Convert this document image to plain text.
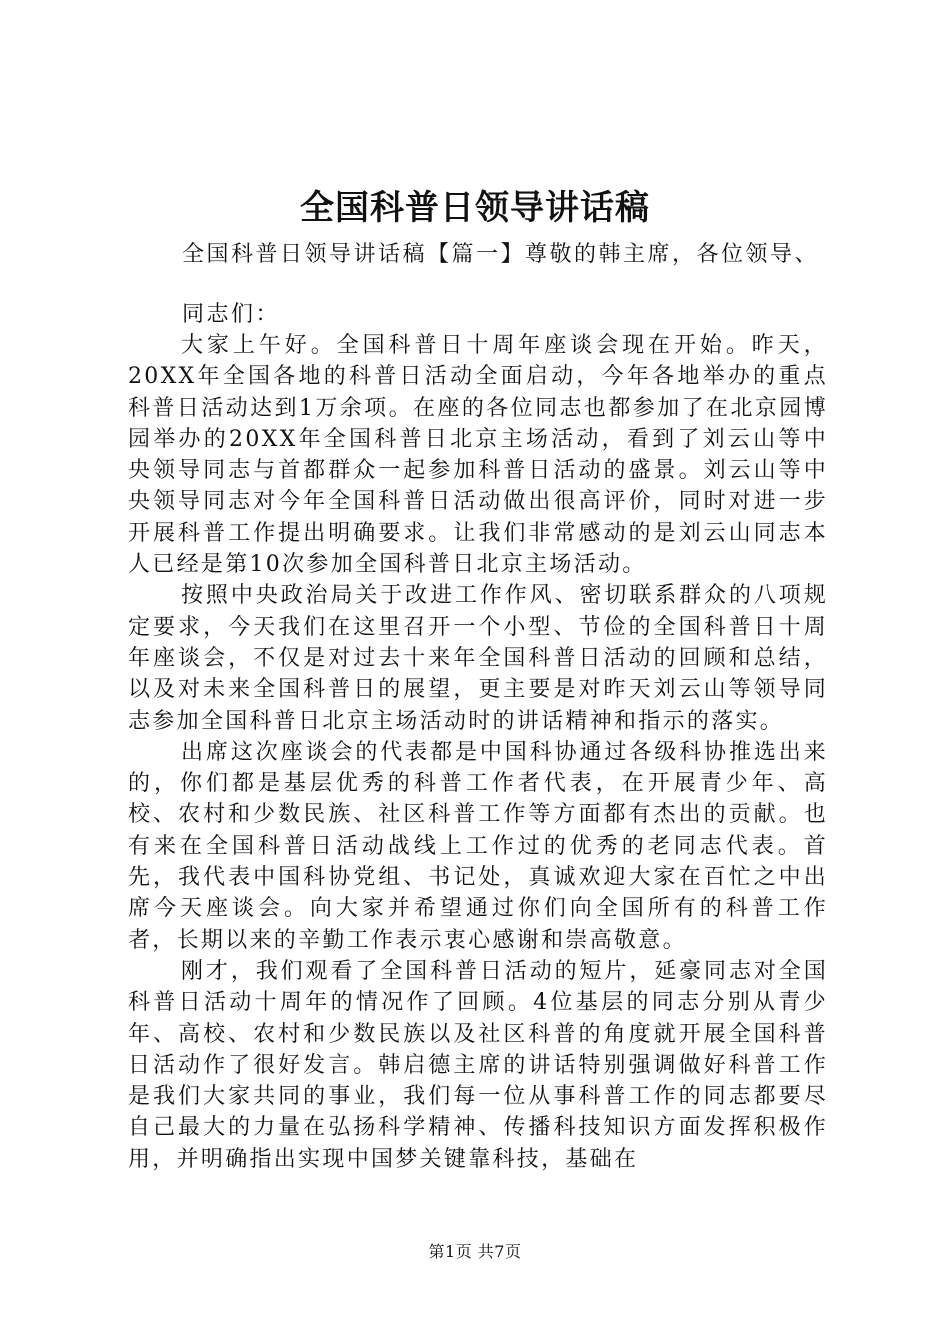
全国科普日领导讲话稿
全国科普日领导讲话稿【篇一】尊敬的韩主席，各位领导、
同志们：

大家上午好。全国科普日十周年座谈会现在开始。昨天，20XX年全国各地的科普日活动全面启动，今年各地举办的重点科普日活动达到1万余项。在座的各位同志也都参加了在北京园博园举办的20XX年全国科普日北京主场活动，看到了刘云山等中央领导同志与首都群众一起参加科普日活动的盛景。刘云山等中央领导同志对今年全国科普日活动做出很高评价，同时对进一步开展科普工作提出明确要求。让我们非常感动的是刘云山同志本人已经是第10次参加全国科普日北京主场活动。

按照中央政治局关于改进工作作风、密切联系群众的八项规定要求，今天我们在这里召开一个小型、节俭的全国科普日十周年座谈会，不仅是对过去十来年全国科普日活动的回顾和总结，以及对未来全国科普日的展望，更主要是对昨天刘云山等领导同志参加全国科普日北京主场活动时的讲话精神和指示的落实。

出席这次座谈会的代表都是中国科协通过各级科协推选出来的，你们都是基层优秀的科普工作者代表，在开展青少年、高校、农村和少数民族、社区科普工作等方面都有杰出的贡献。也有来在全国科普日活动战线上工作过的优秀的老同志代表。首先，我代表中国科协党组、书记处，真诚欢迎大家在百忙之中出席今天座谈会。向大家并希望通过你们向全国所有的科普工作者，长期以来的辛勤工作表示衷心感谢和崇高敬意。

刚才，我们观看了全国科普日活动的短片，延豪同志对全国科普日活动十周年的情况作了回顾。4位基层的同志分别从青少年、高校、农村和少数民族以及社区科普的角度就开展全国科普日活动作了很好发言。韩启德主席的讲话特别强调做好科普工作是我们大家共同的事业，我们每一位从事科普工作的同志都要尽自己最大的力量在弘扬科学精神、传播科技知识方面发挥积极作用，并明确指出实现中国梦关键靠科技，基础在

第1页 共7页
